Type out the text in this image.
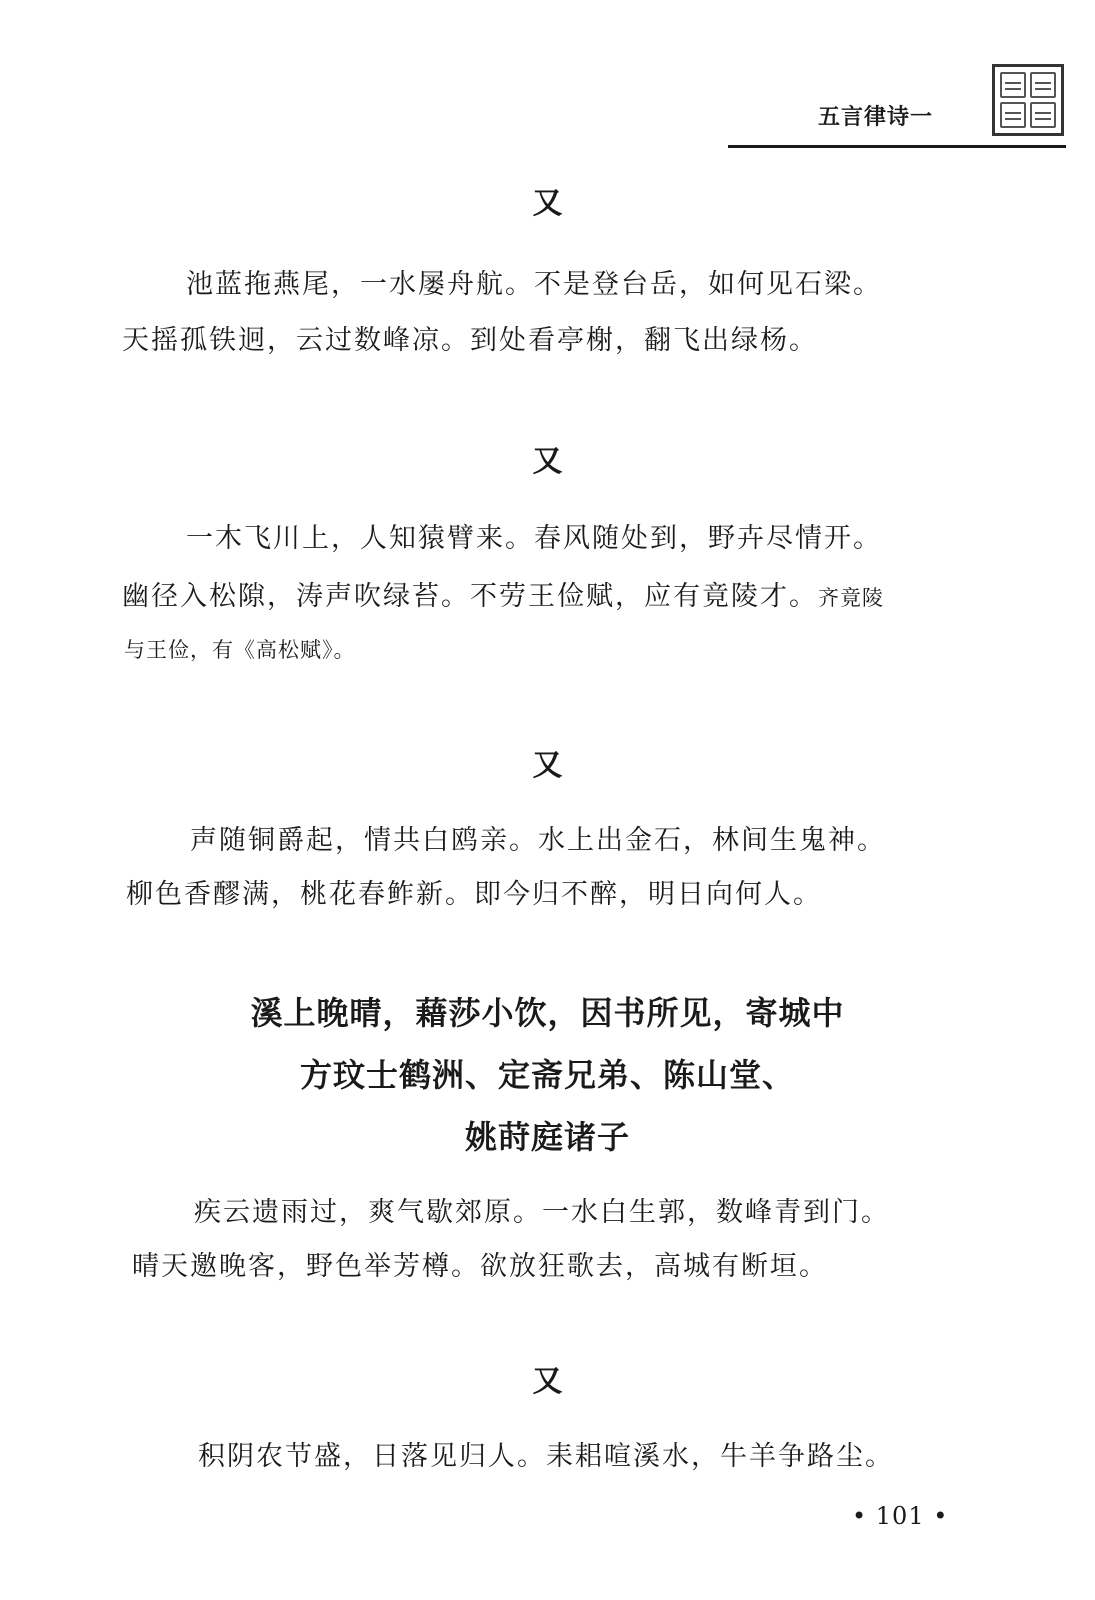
五言律诗一
又
池蓝拖燕尾，一水屡舟航。不是登台岳，如何见石梁。
天摇孤铁迥，云过数峰凉。到处看亭榭，翻飞出绿杨。
又
一木飞川上，人知猿臂来。春风随处到，野卉尽情开。
幽径入松隙，涛声吹绿苔。不劳王俭赋，应有竟陵才。齐竟陵
与王俭，有《高松赋》。
又
声随铜爵起，情共白鸥亲。水上出金石，林间生鬼神。
柳色香醪满，桃花春鲊新。即今归不醉，明日向何人。
溪上晚晴，藉莎小饮，因书所见，寄城中
方玟士鹤洲、定斋兄弟、陈山堂、
姚莳庭诸子
疾云遗雨过，爽气歇郊原。一水白生郭，数峰青到门。
晴天邀晚客，野色举芳樽。欲放狂歌去，高城有断垣。
又
积阴农节盛，日落见归人。耒耜喧溪水，牛羊争路尘。
• 101 •
